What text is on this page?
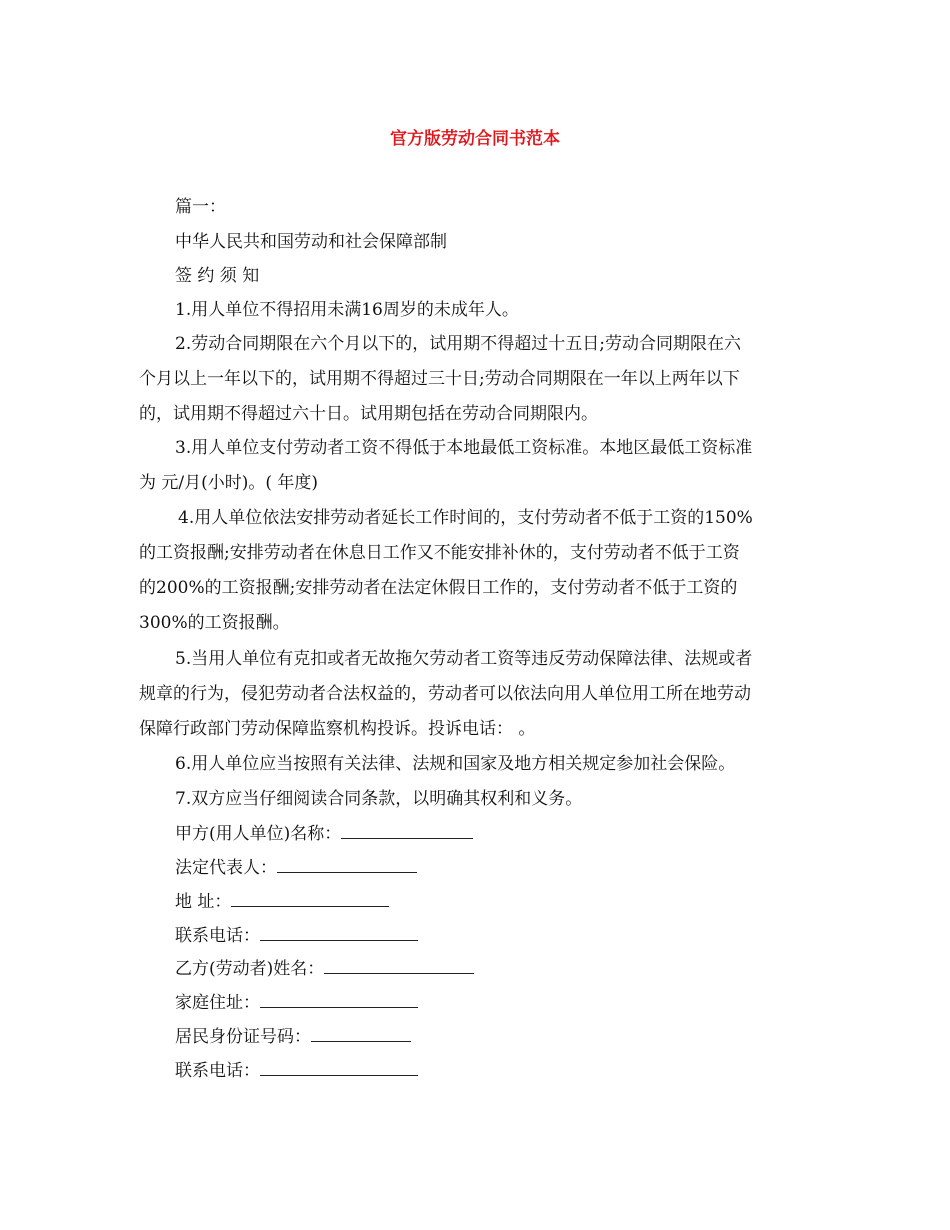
官方版劳动合同书范本
篇一：
中华人民共和国劳动和社会保障部制
签 约 须 知
1.用人单位不得招用未满16周岁的未成年人。
2.劳动合同期限在六个月以下的，试用期不得超过十五日;劳动合同期限在六
个月以上一年以下的，试用期不得超过三十日;劳动合同期限在一年以上两年以下
的，试用期不得超过六十日。试用期包括在劳动合同期限内。
3.用人单位支付劳动者工资不得低于本地最低工资标准。本地区最低工资标准
为 元/月(小时)。( 年度)
4.用人单位依法安排劳动者延长工作时间的，支付劳动者不低于工资的150%
的工资报酬;安排劳动者在休息日工作又不能安排补休的，支付劳动者不低于工资
的200%的工资报酬;安排劳动者在法定休假日工作的，支付劳动者不低于工资的
300%的工资报酬。
5.当用人单位有克扣或者无故拖欠劳动者工资等违反劳动保障法律、法规或者
规章的行为，侵犯劳动者合法权益的，劳动者可以依法向用人单位用工所在地劳动
保障行政部门劳动保障监察机构投诉。投诉电话： 。
6.用人单位应当按照有关法律、法规和国家及地方相关规定参加社会保险。
7.双方应当仔细阅读合同条款，以明确其权利和义务。
甲方(用人单位)名称：
法定代表人：
地 址：
联系电话：
乙方(劳动者)姓名：
家庭住址：
居民身份证号码：
联系电话：
